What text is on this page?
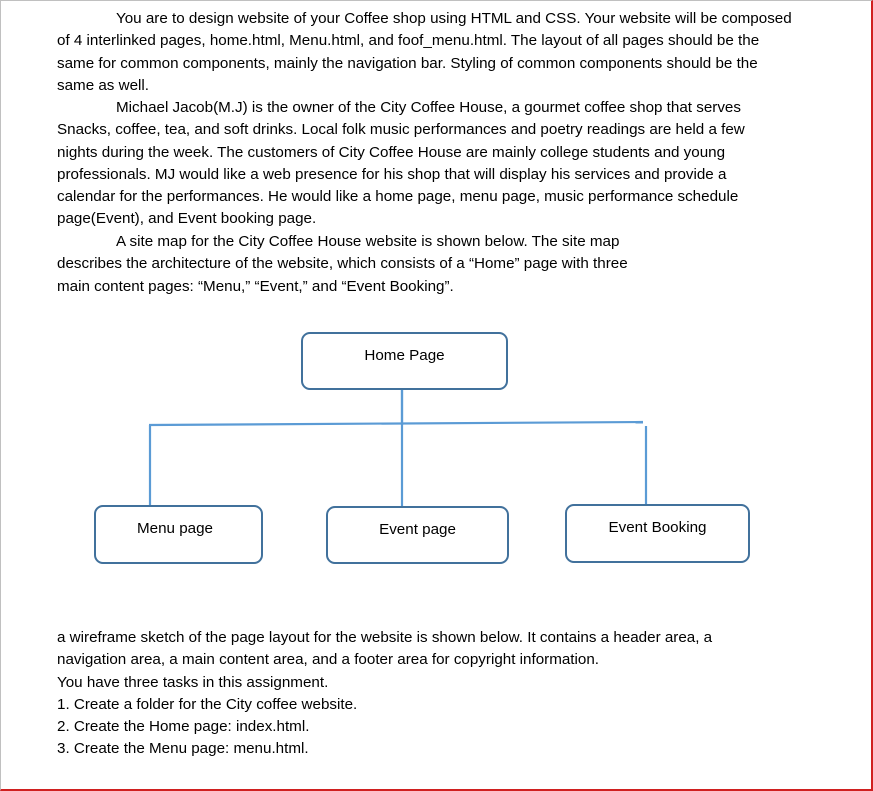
You are to design website of your Coffee shop using HTML and CSS. Your website will be composed
of 4 interlinked pages, home.html, Menu.html, and foof_menu.html. The layout of all pages should be the
same for common components, mainly the navigation bar. Styling of common components should be the
same as well.

Michael Jacob(M.J) is the owner of the City Coffee House, a gourmet coffee shop that serves
Snacks, coffee, tea, and soft drinks. Local folk music performances and poetry readings are held a few
nights during the week. The customers of City Coffee House are mainly college students and young
professionals. MJ would like a web presence for his shop that will display his services and provide a
calendar for the performances. He would like a home page, menu page, music performance schedule
page(Event), and Event booking page.

A site map for the City Coffee House website is shown below. The site map
describes the architecture of the website, which consists of a “Home” page with three
main content pages: “Menu,” “Event,” and “Event Booking”.

Home Page
Menu page	Event page	Event Booking

a wireframe sketch of the page layout for the website is shown below. It contains a header area, a
navigation area, a main content area, and a footer area for copyright information.
You have three tasks in this assignment.
1. Create a folder for the City coffee website.
2. Create the Home page: index.html.
3. Create the Menu page: menu.html.
